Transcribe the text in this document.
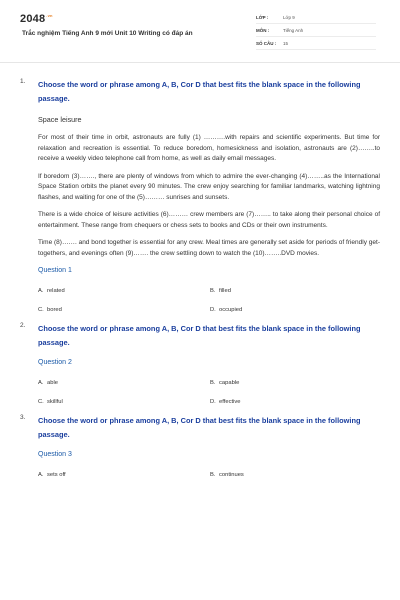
$2048^{.vn}$
Trắc nghiệm Tiếng Anh 9 mới Unit 10 Writing có đáp án
LỚP :	Lớp 9
MÔN :	Tiếng Anh
SỐ CÂU :	15
1. Choose the word or phrase among A, B, Cor D that best fits the blank space in the following passage.
Space leisure
For most of their time in orbit, astronauts are fully (1) ……….with repairs and scientific experiments. But time for relaxation and recreation is essential. To reduce boredom, homesickness and isolation, astronauts are (2)……..to receive a weekly video telephone call from home, as well as daily email messages.
If boredom (3)……., there are plenty of windows from which to admire the ever-changing (4)……..as the International Space Station orbits the planet every 90 minutes. The crew enjoy searching for familiar landmarks, watching lightning flashes, and waiting for one of the (5)……… sunrises and sunsets.
There is a wide choice of leisure activities (6)……… crew members are (7)…….. to take along their personal choice of entertainment. These range from chequers or chess sets to books and CDs or their own instruments.
Time (8)……. and bond together is essential for any crew. Meal times are generally set aside for periods of friendly get-togethers, and evenings often (9)……. the crew settling down to watch the (10)……..DVD movies.
Question 1
A. related	B. filled
C. bored	D. occupied
2. Choose the word or phrase among A, B, Cor D that best fits the blank space in the following passage.
Question 2
A. able	B. capable
C. skillful	D. effective
3. Choose the word or phrase among A, B, Cor D that best fits the blank space in the following passage.
Question 3
A. sets off	B. continues
